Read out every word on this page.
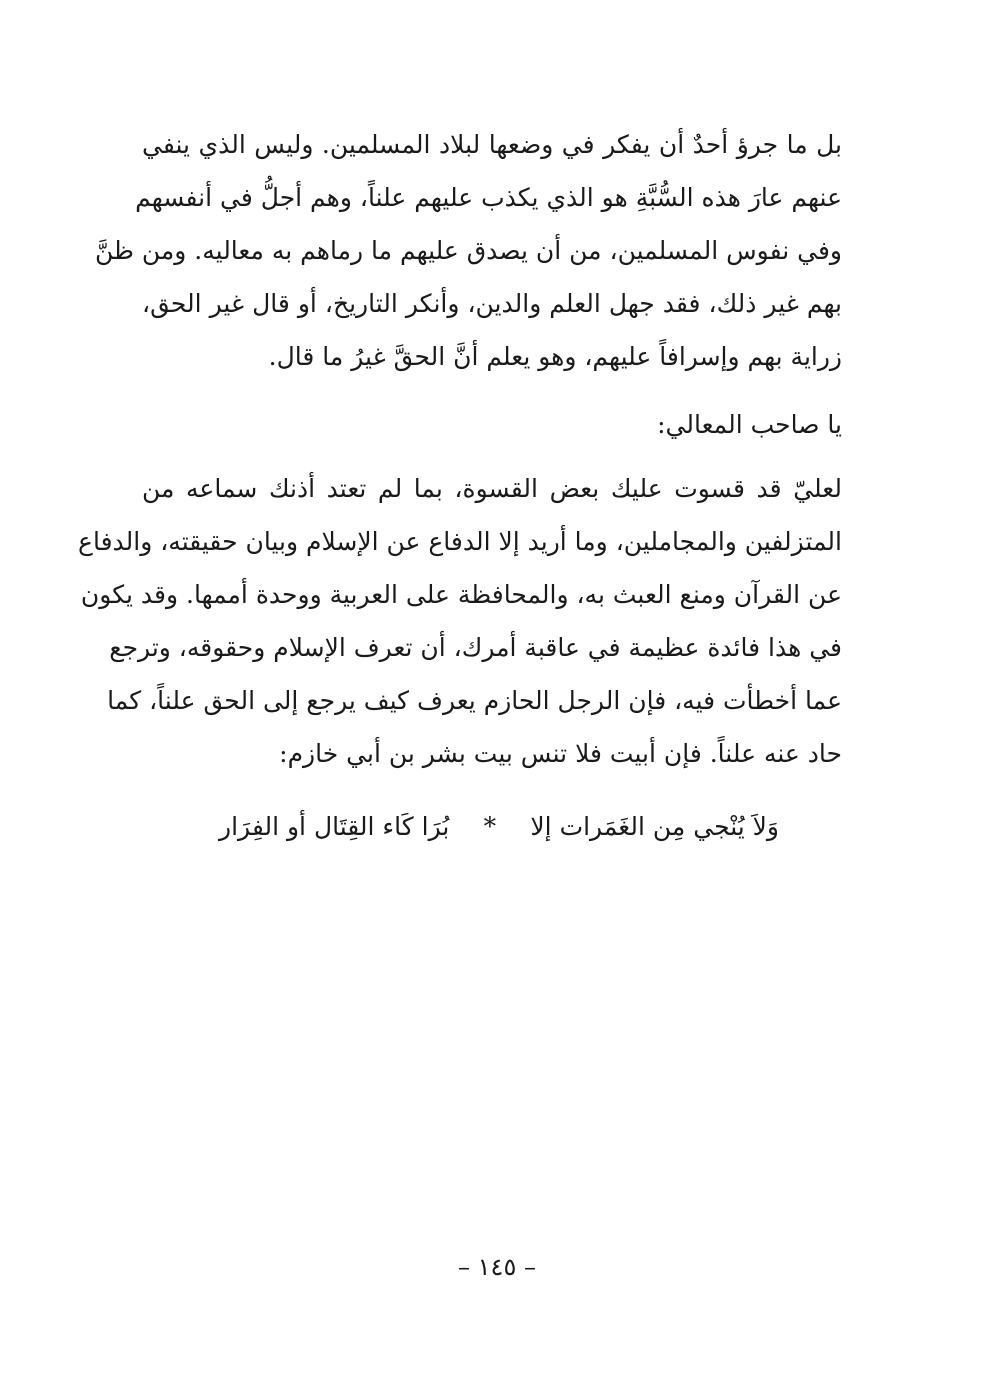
بل ما جرؤ أحدٌ أن يفكر في وضعها لبلاد المسلمين. وليس الذي ينفي
عنهم عارَ هذه السُّبَّةِ هو الذي يكذب عليهم علناً، وهم أجلُّ في أنفسهم
وفي نفوس المسلمين، من أن يصدق عليهم ما رماهم به معاليه. ومن ظنَّ
بهم غير ذلك، فقد جهل العلم والدين، وأنكر التاريخ، أو قال غير الحق،
زراية بهم وإسرافاً عليهم، وهو يعلم أنَّ الحقَّ غيرُ ما قال.
يا صاحب المعالي:
لعليّ قد قسوت عليك بعض القسوة، بما لم تعتد أذنك سماعه من
المتزلفين والمجاملين، وما أريد إلا الدفاع عن الإسلام وبيان حقيقته، والدفاع
عن القرآن ومنع العبث به، والمحافظة على العربية ووحدة أممها. وقد يكون
في هذا فائدة عظيمة في عاقبة أمرك، أن تعرف الإسلام وحقوقه، وترجع
عما أخطأت فيه، فإن الرجل الحازم يعرف كيف يرجع إلى الحق علناً، كما
حاد عنه علناً. فإن أبيت فلا تنس بيت بشر بن أبي خازم:
وَلاَ يُنْجي مِن الغَمَرات إلا
*
بُرَا كَاء القِتَال أو الفِرَار
– ١٤٥ –
